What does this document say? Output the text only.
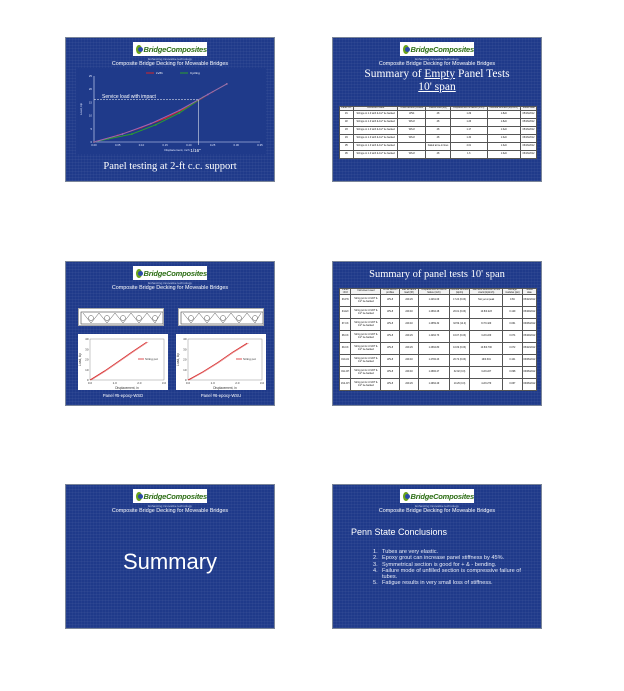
BridgeComposites
Enhancing innovative technology
Composite Bridge Decking for Moveable Bridges
0.00	0.05	0.10	0.15	0.20	0.25	0.30	0.35
0
5
10
15
20
25
Displacement, inch
Load, kip
Service load with impact
1/16"
LV#1	Cycling
Panel testing at 2-ft c.c. support
BridgeComposites
Enhancing innovative technology
Composite Bridge Decking for Moveable Bridges
Summary of Empty Panel Tests
10' span
Panel I.D.	Instrument used	Cross section profiles	Failure load (kip)	Displacement at failure (inch)	Flexural stiffness (kip/inch)	Tested date
#1	Strings on 1.0 with & 1/2" tie backed	WS4	48	1.29	1.8e6	05/16/2012
#2	Strings on 1.0 with & 1/2" tie backed	WS-8	48	1.26	1.8e6	05/16/2012
#3	Strings on 1.0 with & 1/2" tie backed	WS-8	48	1.17	1.6e6	05/16/2012
#4	Strings on 1.0 with & 1/2" tie backed	WS-8	48	1.34	1.6e6	06/16/2012
#5	Strings on 1.0 with & 1/2" tie backed		Failed at tie-in lines	4.01	1.6e6	06/16/2012
#6	Strings on 1.0 with & 1/2" tie backed	WS-8	48	1.6	1.6e6	06/16/2012
BridgeComposites
Enhancing innovative technology
Composite Bridge Decking for Moveable Bridges
0.0	1.0	2.0	3.0
0
10
20
30
40
Displacement, in
Load, kip	String pot
0.0	1.0	2.0	3.0
0
10
20
30
40
Displacement, in
Load, kip	String pot
Panel #5-epoxy-WSD	Panel #6-epoxy-WSU
Summary of panel tests 10' span
Panel I.D.#	Instrument used	Cross section profiles	Max at failure load (lbf)	Displacement at max at failure (inch)	Flexural stiffness (kip/in)	Start and deflection at first crack (kip/inch)	Average modulus (psi)	Tested date
#3-PN	String pot & 1 LVDT & 1/2" tie-backed	WS-8	229.29	1.2261.09	17.24 (0.03)	Not yet at peak	0.69	05/22/2012
#4-EX	String pot & 1 LVDT & 1/2" tie-backed	WS-8	249.40	1.2662.28	20.01 (0.03)	10.8/0.223	0.129	05/29/2012
#7-CK	String pot & 1 LVDT & 1/2" tie-backed	WS-8	249.40	1.2659.32	32.59 (14.0)	8.7/0.429	0.061	06/06/2012
#8-CK	String pot & 1 LVDT & 1/2" tie-backed	WS-8	229.29	1.4262.73	16.07 (0.03)	3.2/0.229	0.074	05/29/2012
#9-CK	String pot & 1 LVDT & 1/2" tie-backed	WS-8	229.29	1.2662.80	10.09 (0.03)	10.8/0.700	0.072	05/22/2012
#10-LN	String pot & 1 LVDT & 1/2" tie-backed	WS-8	249.40	1.2782.23	20.72 (0.03)	19/0.301	0.101	06/06/2012
#11-CH	String pot & 1 LVDT & 1/2" tie-backed	WS-8	249.40	1.2682.27	32.02 (0.0)	3.2/0.227	0.098	06/06/2012
#12-CH	String pot & 1 LVDT & 1/2" tie-backed	WS-8	229.29	1.2962.29	10.29 (0.0)	4.2/0.279	0.067	06/06/2012
BridgeComposites
Enhancing innovative technology
Composite Bridge Decking for Moveable Bridges
Summary
BridgeComposites
Enhancing innovative technology
Composite Bridge Decking for Moveable Bridges
Penn State Conclusions
1. Tubes are very elastic.
2. Epoxy grout can increase panel stiffness by 45%.
3. Symmetrical section is good for + & - bending.
4. Failure mode of unfilled section is compressive failure of tubes.
5. Fatigue results in very small loss of stiffness.
